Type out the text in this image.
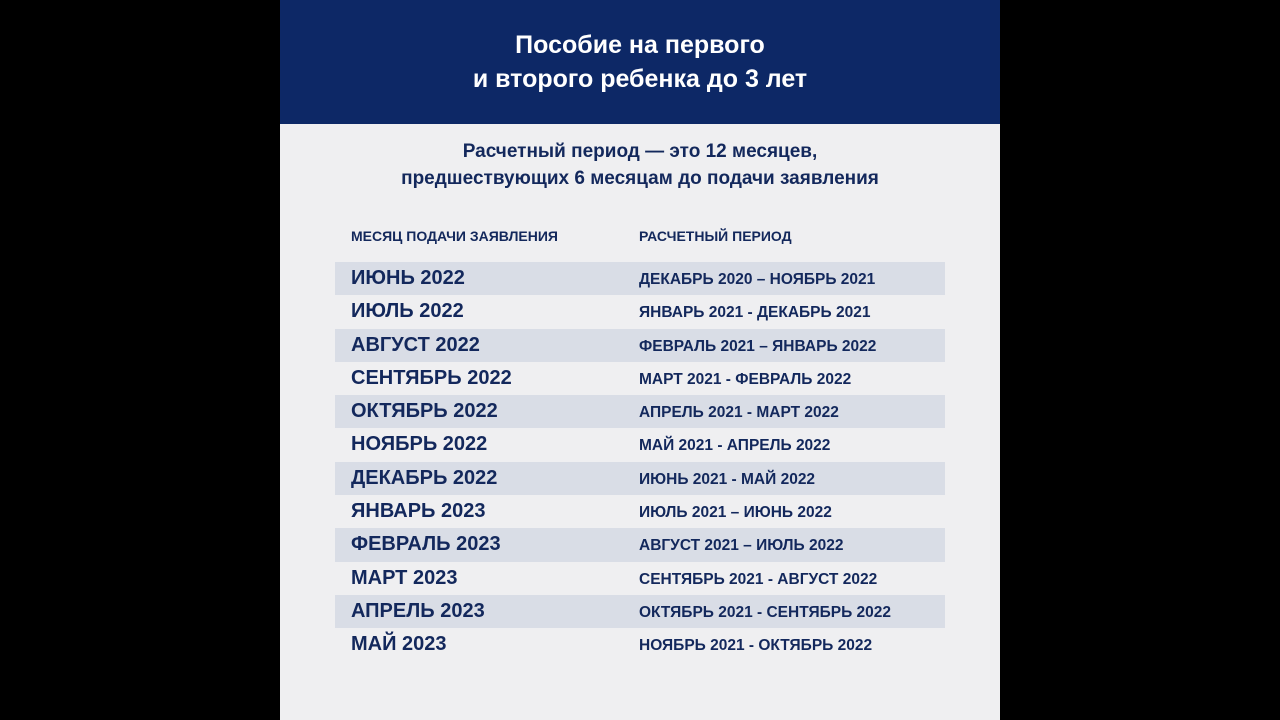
Пособие на первого
и второго ребенка до 3 лет
Расчетный период — это 12 месяцев,
предшествующих 6 месяцам до подачи заявления
МЕСЯЦ ПОДАЧИ ЗАЯВЛЕНИЯ	РАСЧЕТНЫЙ ПЕРИОД
ИЮНЬ 2022	ДЕКАБРЬ 2020 – НОЯБРЬ 2021
ИЮЛЬ 2022	ЯНВАРЬ 2021 - ДЕКАБРЬ 2021
АВГУСТ 2022	ФЕВРАЛЬ 2021 – ЯНВАРЬ 2022
СЕНТЯБРЬ 2022	МАРТ 2021 - ФЕВРАЛЬ 2022
ОКТЯБРЬ 2022	АПРЕЛЬ 2021 - МАРТ 2022
НОЯБРЬ 2022	МАЙ 2021 - АПРЕЛЬ 2022
ДЕКАБРЬ 2022	ИЮНЬ 2021 - МАЙ 2022
ЯНВАРЬ 2023	ИЮЛЬ 2021 – ИЮНЬ 2022
ФЕВРАЛЬ 2023	АВГУСТ 2021 – ИЮЛЬ 2022
МАРТ 2023	СЕНТЯБРЬ 2021 - АВГУСТ 2022
АПРЕЛЬ 2023	ОКТЯБРЬ 2021 - СЕНТЯБРЬ 2022
МАЙ 2023	НОЯБРЬ 2021 - ОКТЯБРЬ 2022
